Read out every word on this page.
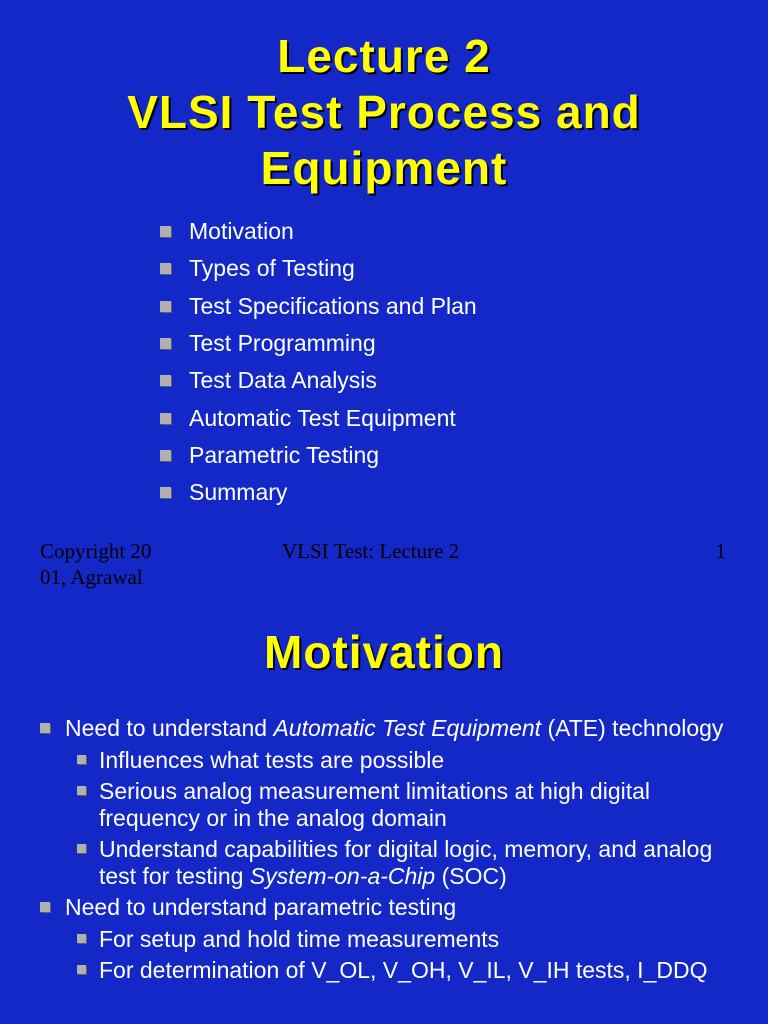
Lecture 2
VLSI Test Process and
Equipment
Motivation
Types of Testing
Test Specifications and Plan
Test Programming
Test Data Analysis
Automatic Test Equipment
Parametric Testing
Summary
Copyright 20
01, Agrawal
VLSI Test: Lecture 2	1
Motivation
Need to understand Automatic Test Equipment (ATE) technology
Influences what tests are possible
Serious analog measurement limitations at high digital frequency or in the analog domain
Understand capabilities for digital logic, memory, and analog test for testing System-on-a-Chip (SOC)
Need to understand parametric testing
For setup and hold time measurements
For determination of V_OL, V_OH, V_IL, V_IH tests, I_DDQ
